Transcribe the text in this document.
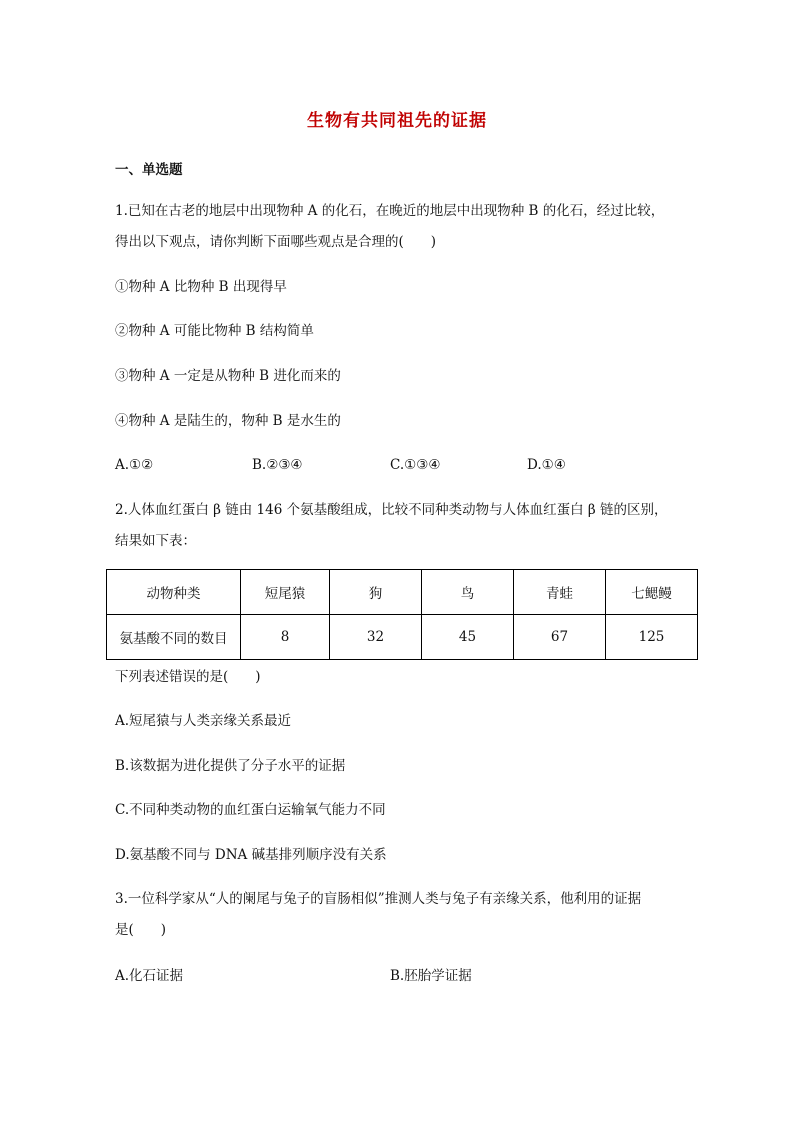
生物有共同祖先的证据
一、单选题
1.已知在古老的地层中出现物种 A 的化石，在晚近的地层中出现物种 B 的化石，经过比较，
得出以下观点，请你判断下面哪些观点是合理的(　　)
①物种 A 比物种 B 出现得早
②物种 A 可能比物种 B 结构简单
③物种 A 一定是从物种 B 进化而来的
④物种 A 是陆生的，物种 B 是水生的
A.①②	B.②③④	C.①③④	D.①④
2.人体血红蛋白 β 链由 146 个氨基酸组成，比较不同种类动物与人体血红蛋白 β 链的区别，
结果如下表：
动物种类	短尾猿	狗	鸟	青蛙	七鳃鳗
氨基酸不同的数目	8	32	45	67	125
下列表述错误的是(　　)
A.短尾猿与人类亲缘关系最近
B.该数据为进化提供了分子水平的证据
C.不同种类动物的血红蛋白运输氧气能力不同
D.氨基酸不同与 DNA 碱基排列顺序没有关系
3.一位科学家从“人的阑尾与兔子的盲肠相似”推测人类与兔子有亲缘关系，他利用的证据
是(　　)
A.化石证据	B.胚胎学证据
